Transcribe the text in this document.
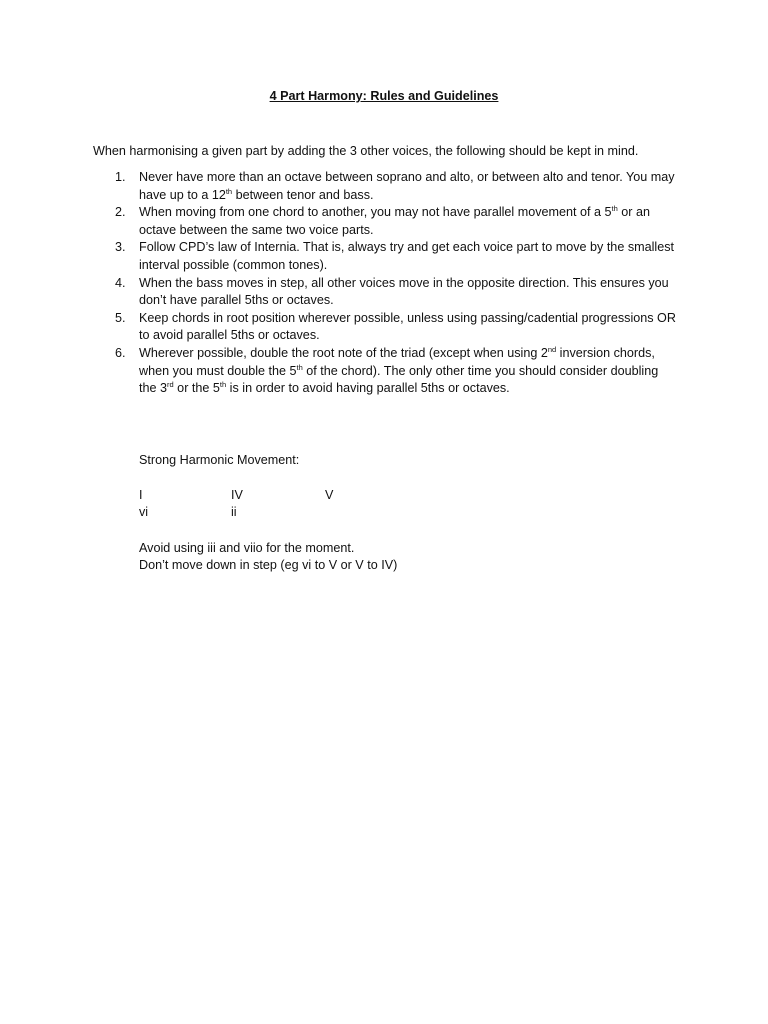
4 Part Harmony: Rules and Guidelines
When harmonising a given part by adding the 3 other voices, the following should be kept in mind.
1. Never have more than an octave between soprano and alto, or between alto and tenor. You may have up to a 12th between tenor and bass.
2. When moving from one chord to another, you may not have parallel movement of a 5th or an octave between the same two voice parts.
3. Follow CPD’s law of Internia. That is, always try and get each voice part to move by the smallest interval possible (common tones).
4. When the bass moves in step, all other voices move in the opposite direction. This ensures you don’t have parallel 5ths or octaves.
5. Keep chords in root position wherever possible, unless using passing/cadential progressions OR to avoid parallel 5ths or octaves.
6. Wherever possible, double the root note of the triad (except when using 2nd inversion chords, when you must double the 5th of the chord). The only other time you should consider doubling the 3rd or the 5th is in order to avoid having parallel 5ths or octaves.
Strong Harmonic Movement:
I	IV	V
vi	ii
Avoid using iii and viio for the moment.
Don’t move down in step (eg vi to V or V to IV)
